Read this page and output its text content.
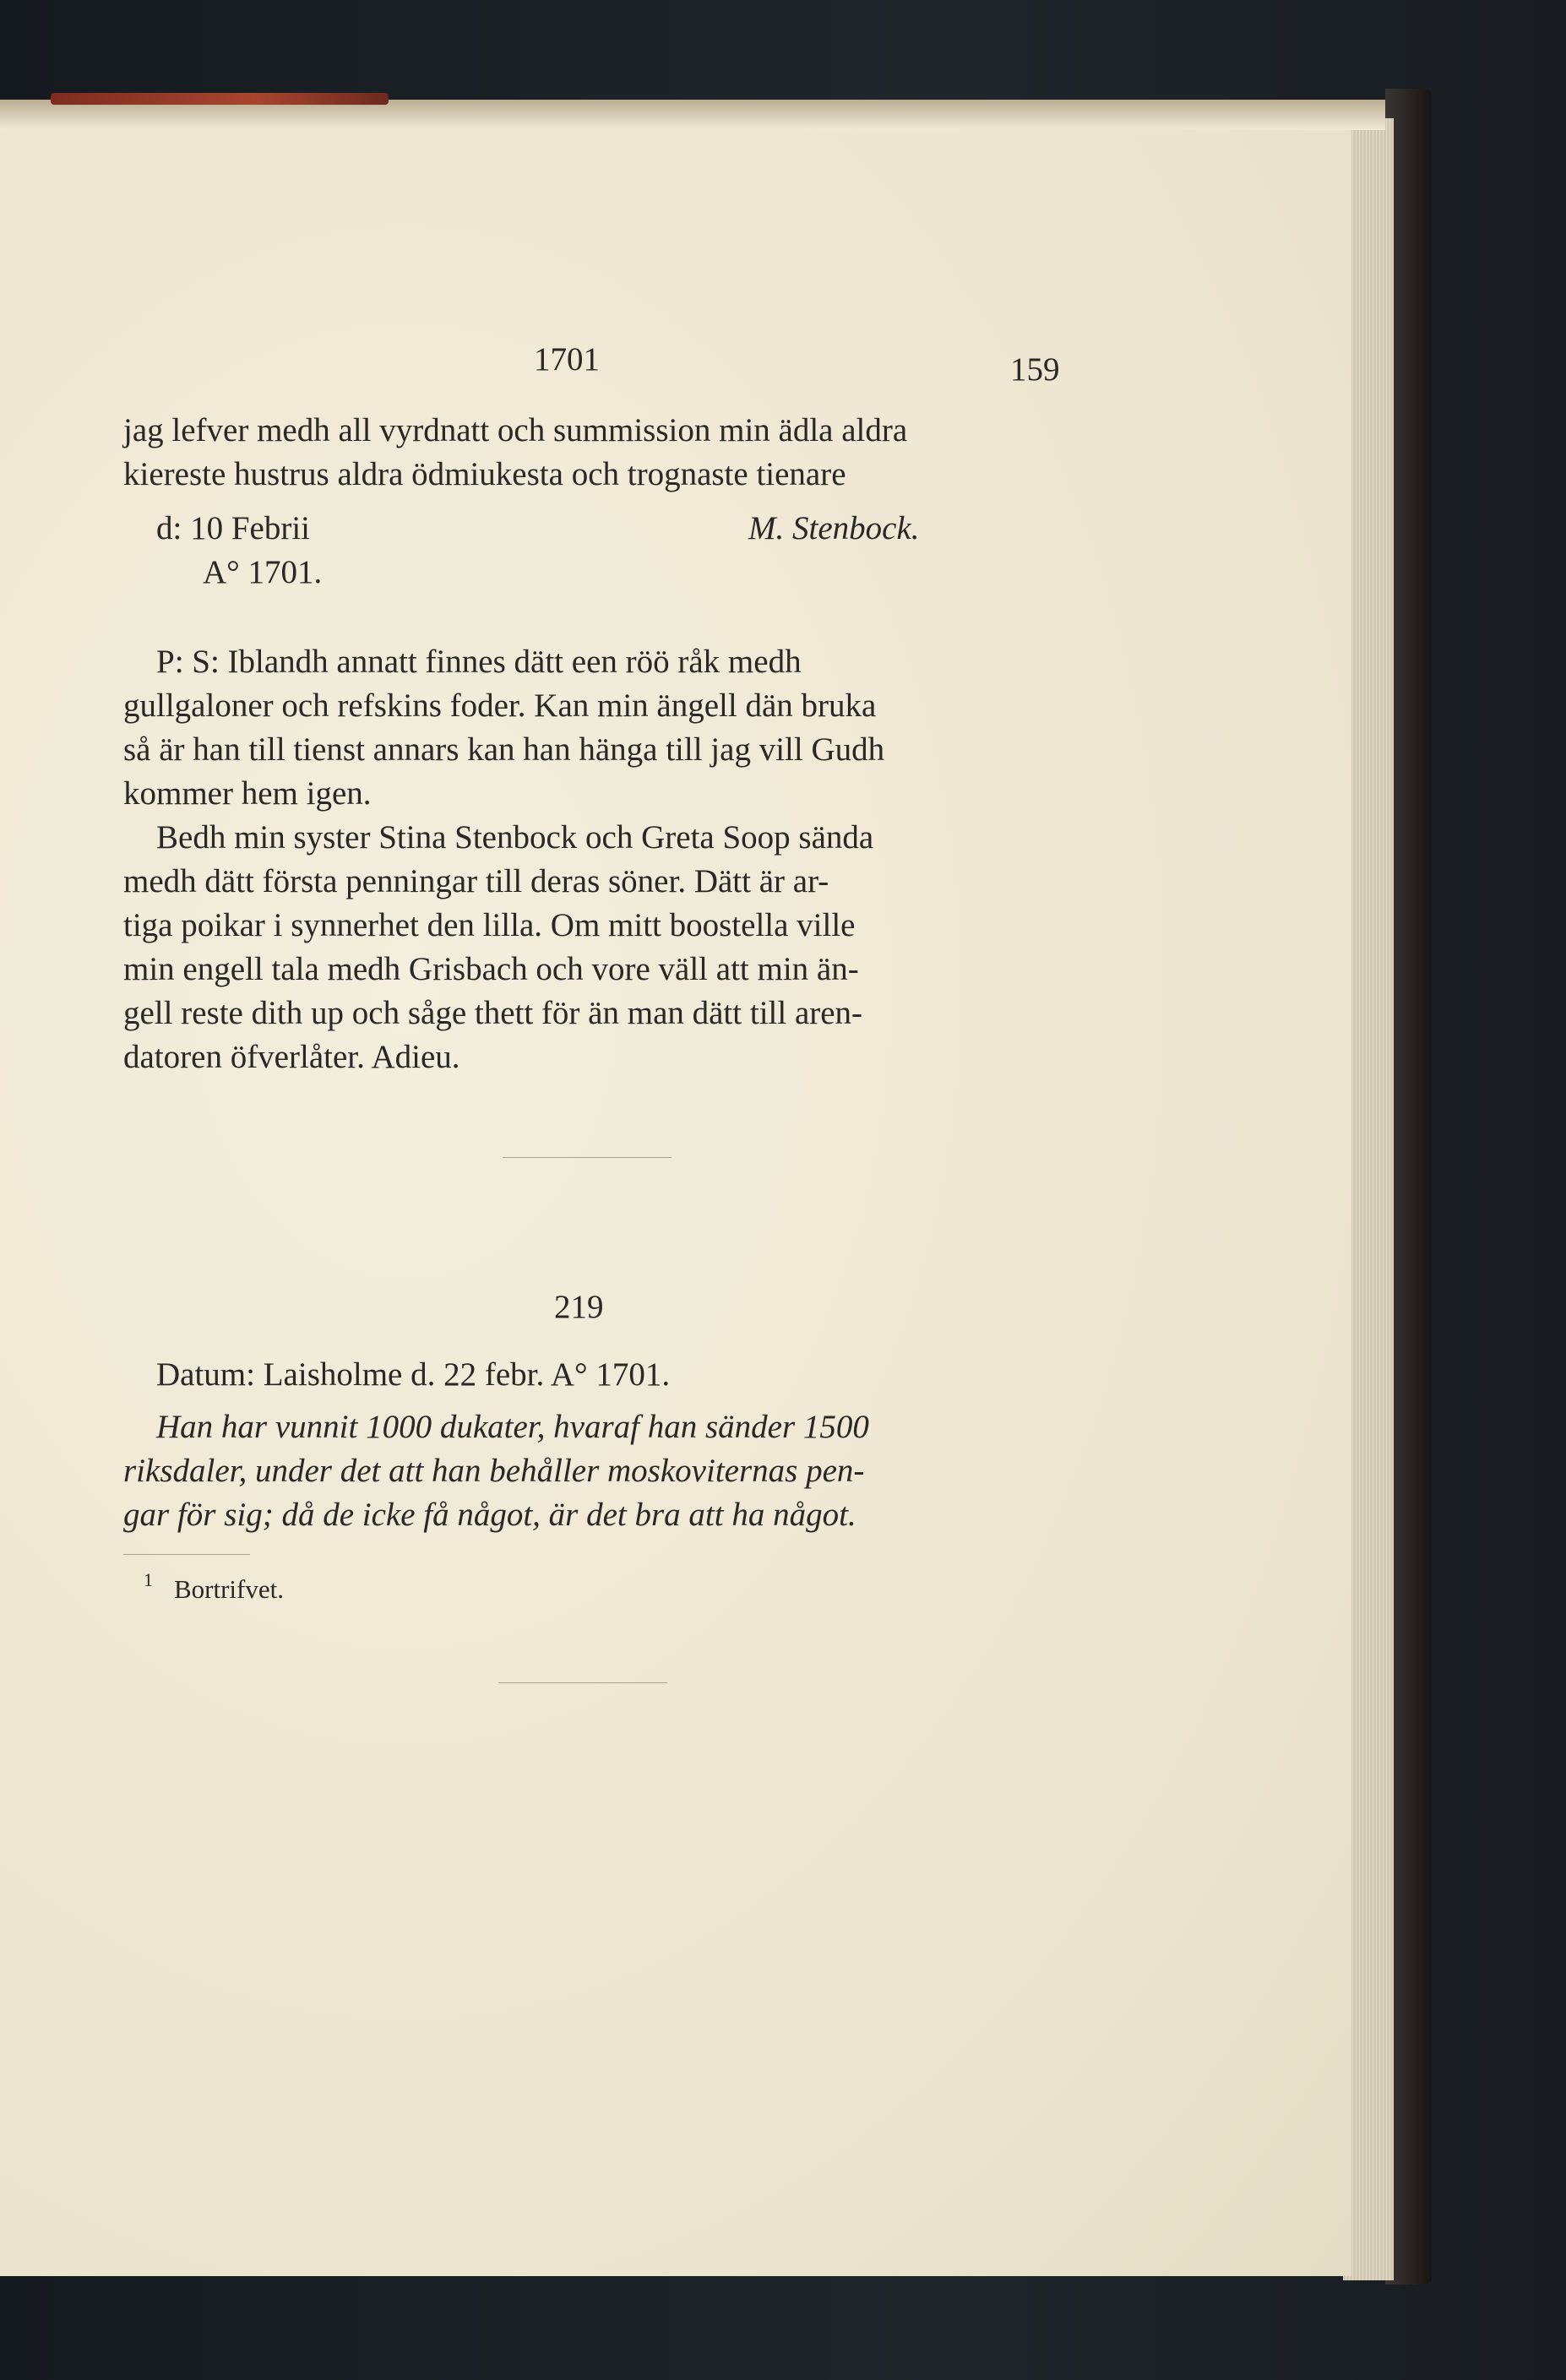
1701	159
jag lefver medh all vyrdnatt och summission min ädla aldra
kiereste hustrus aldra ödmiukesta och trognaste tienare
d: 10 Febrii	M. Stenbock.
A° 1701.
P: S: Iblandh annatt finnes dätt een röö råk medh
gullgaloner och refskins foder. Kan min ängell dän bruka
så är han till tienst annars kan han hänga till jag vill Gudh
kommer hem igen.
Bedh min syster Stina Stenbock och Greta Soop sända
medh dätt första penningar till deras söner. Dätt är ar-
tiga poikar i synnerhet den lilla. Om mitt boostella ville
min engell tala medh Grisbach och vore väll att min än-
gell reste dith up och såge thett för än man dätt till aren-
datoren öfverlåter. Adieu.
219
Datum: Laisholme d. 22 febr. A° 1701.
Han har vunnit 1000 dukater, hvaraf han sänder 1500
riksdaler, under det att han behåller moskoviternas pen-
gar för sig; då de icke få något, är det bra att ha något.
1 Bortrifvet.
